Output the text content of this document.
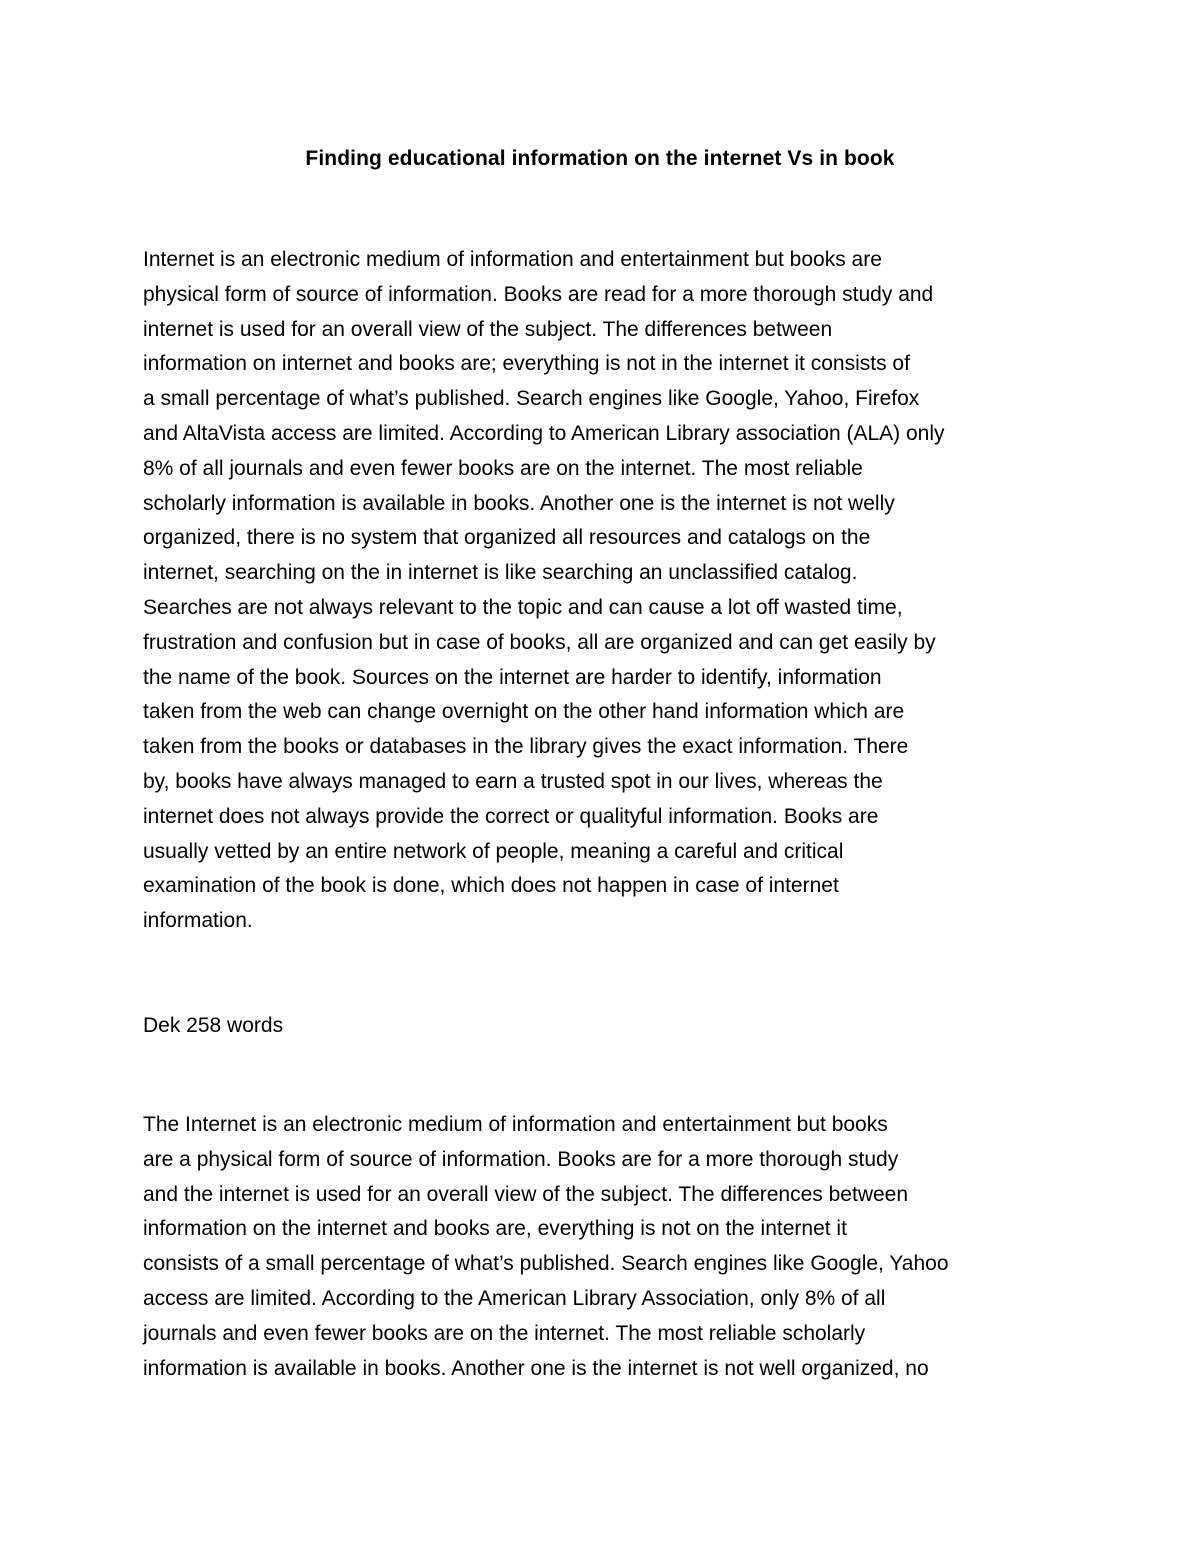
Finding educational information on the internet Vs in book
Internet is an electronic medium of information and entertainment but books are
physical form of source of information. Books are read for a more thorough study and
internet is used for an overall view of the subject. The differences between
information on internet and books are; everything is not in the internet it consists of
a small percentage of what’s published. Search engines like Google, Yahoo, Firefox
and AltaVista access are limited. According to American Library association (ALA) only
8% of all journals and even fewer books are on the internet. The most reliable
scholarly information is available in books. Another one is the internet is not welly
organized, there is no system that organized all resources and catalogs on the
internet, searching on the in internet is like searching an unclassified catalog.
Searches are not always relevant to the topic and can cause a lot off wasted time,
frustration and confusion but in case of books, all are organized and can get easily by
the name of the book. Sources on the internet are harder to identify, information
taken from the web can change overnight on the other hand information which are
taken from the books or databases in the library gives the exact information. There
by, books have always managed to earn a trusted spot in our lives, whereas the
internet does not always provide the correct or qualityful information. Books are
usually vetted by an entire network of people, meaning a careful and critical
examination of the book is done, which does not happen in case of internet
information.
Dek 258 words
The Internet is an electronic medium of information and entertainment but books
are a physical form of source of information. Books are for a more thorough study
and the internet is used for an overall view of the subject. The differences between
information on the internet and books are, everything is not on the internet it
consists of a small percentage of what’s published. Search engines like Google, Yahoo
access are limited. According to the American Library Association, only 8% of all
journals and even fewer books are on the internet. The most reliable scholarly
information is available in books. Another one is the internet is not well organized, no
